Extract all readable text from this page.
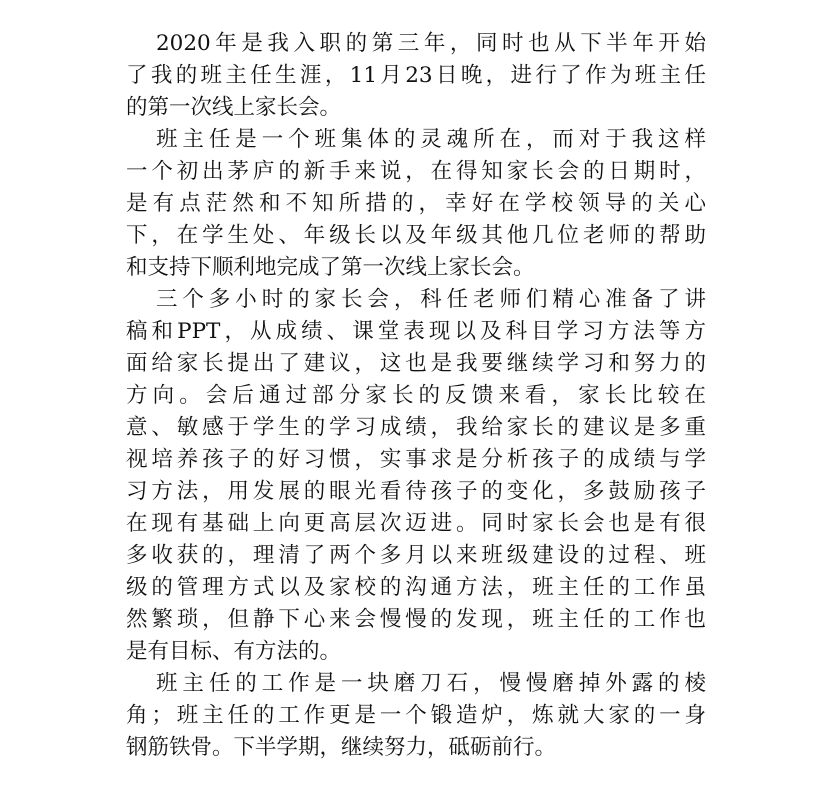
2020年是我入职的第三年，同时也从下半年开始
了我的班主任生涯，11月23日晚，进行了作为班主任
的第一次线上家长会。
班主任是一个班集体的灵魂所在，而对于我这样
一个初出茅庐的新手来说，在得知家长会的日期时，
是有点茫然和不知所措的，幸好在学校领导的关心
下，在学生处、年级长以及年级其他几位老师的帮助
和支持下顺利地完成了第一次线上家长会。
三个多小时的家长会，科任老师们精心准备了讲
稿和PPT，从成绩、课堂表现以及科目学习方法等方
面给家长提出了建议，这也是我要继续学习和努力的
方向。会后通过部分家长的反馈来看，家长比较在
意、敏感于学生的学习成绩，我给家长的建议是多重
视培养孩子的好习惯，实事求是分析孩子的成绩与学
习方法，用发展的眼光看待孩子的变化，多鼓励孩子
在现有基础上向更高层次迈进。同时家长会也是有很
多收获的，理清了两个多月以来班级建设的过程、班
级的管理方式以及家校的沟通方法，班主任的工作虽
然繁琐，但静下心来会慢慢的发现，班主任的工作也
是有目标、有方法的。
班主任的工作是一块磨刀石，慢慢磨掉外露的棱
角；班主任的工作更是一个锻造炉，炼就大家的一身
钢筋铁骨。下半学期，继续努力，砥砺前行。
